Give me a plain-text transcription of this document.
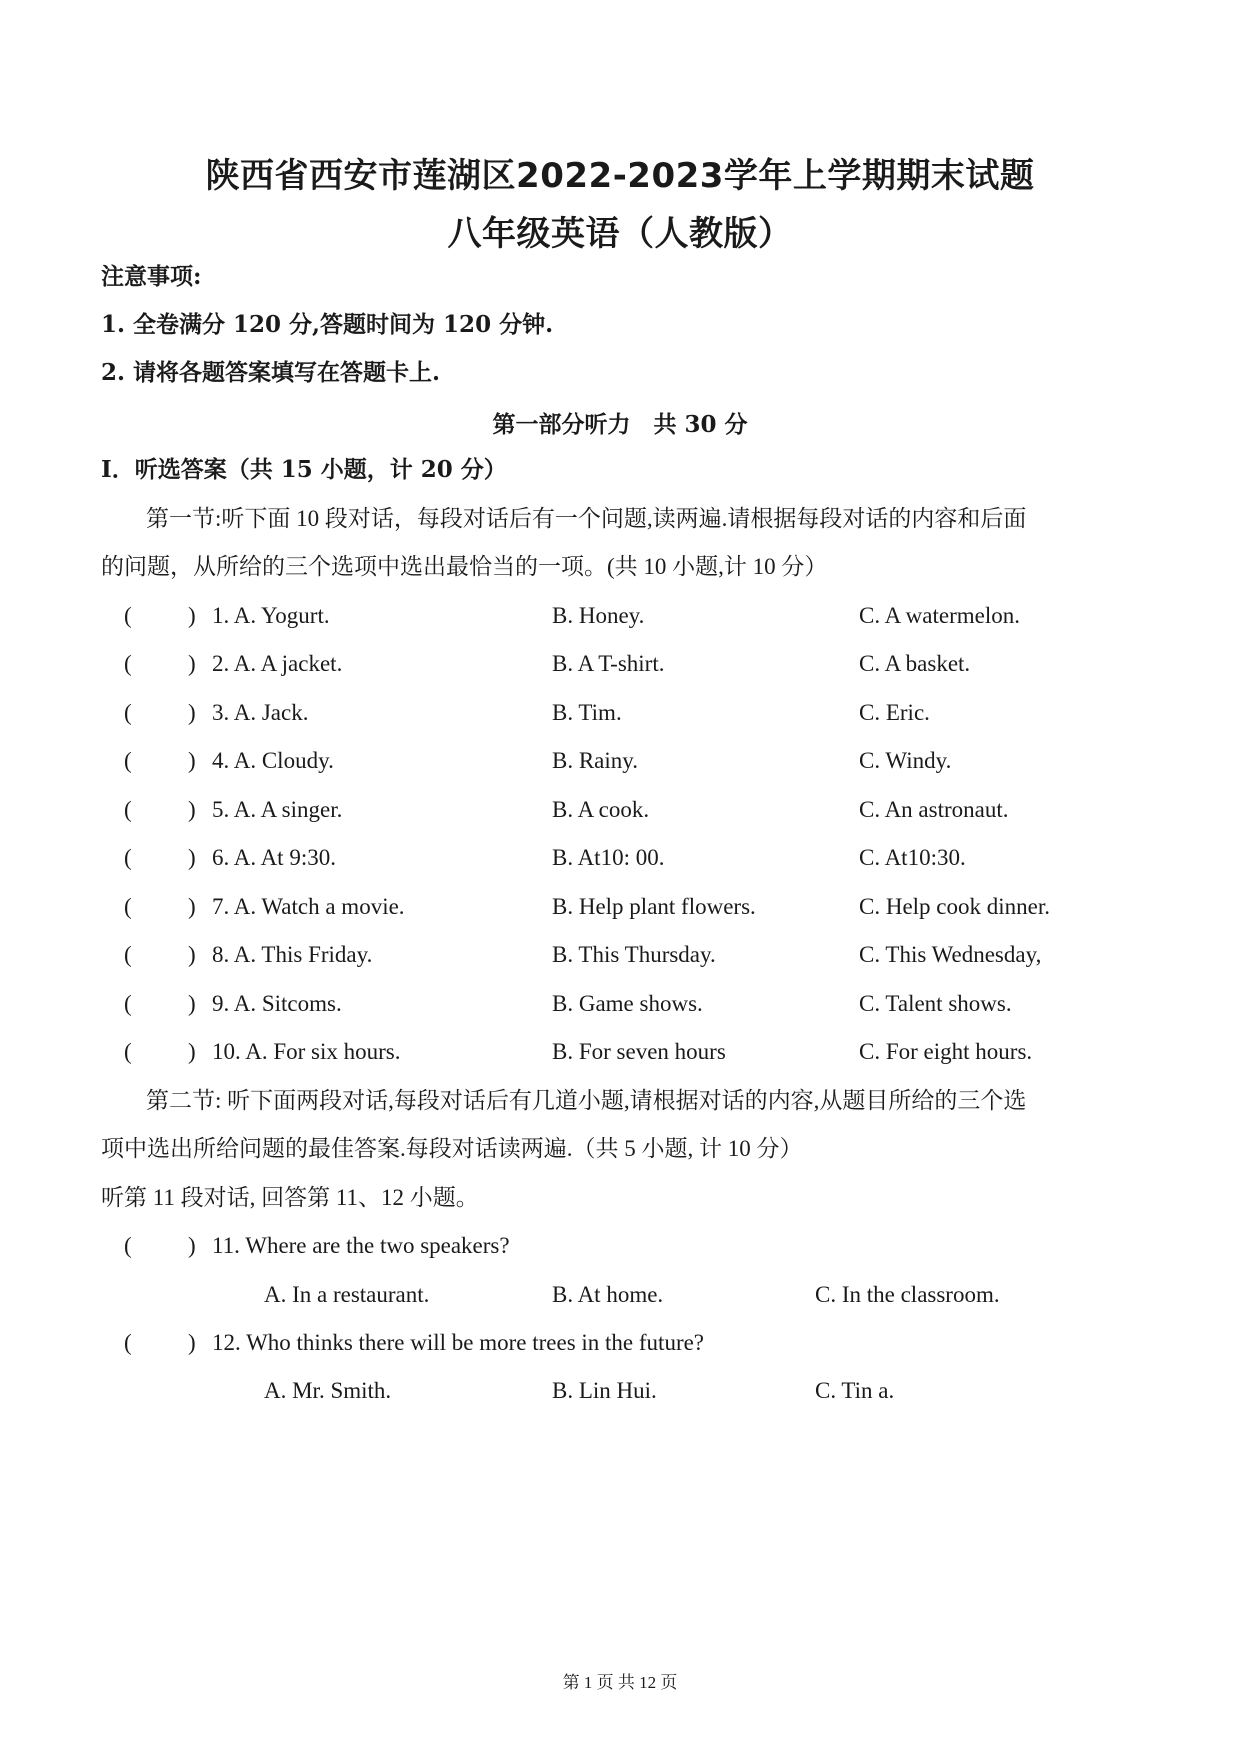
陕西省西安市莲湖区2022-2023学年上学期期末试题
八年级英语（人教版）
注意事项:
1. 全卷满分 120 分,答题时间为 120 分钟.
2. 请将各题答案填写在答题卡上.
第一部分听力　共 30 分
Ⅰ．听选答案（共 15 小题，计 20 分）
第一节:听下面 10 段对话，每段对话后有一个问题,读两遍.请根据每段对话的内容和后面
的问题，从所给的三个选项中选出最恰当的一项。(共 10 小题,计 10 分）
( ) 1. A. Yogurt.	B. Honey.	C. A watermelon.
( ) 2. A. A jacket.	B. A T-shirt.	C. A basket.
( ) 3. A. Jack.	B. Tim.	C. Eric.
( ) 4. A. Cloudy.	B. Rainy.	C. Windy.
( ) 5. A. A singer.	B. A cook.	C. An astronaut.
( ) 6. A. At 9:30.	B. At10: 00.	C. At10:30.
( ) 7. A. Watch a movie.	B. Help plant flowers.	C. Help cook dinner.
( ) 8. A. This Friday.	B. This Thursday.	C. This Wednesday,
( ) 9. A. Sitcoms.	B. Game shows.	C. Talent shows.
( ) 10. A. For six hours.	B. For seven hours	C. For eight hours.
第二节: 听下面两段对话,每段对话后有几道小题,请根据对话的内容,从题目所给的三个选
项中选出所给问题的最佳答案.每段对话读两遍.（共 5 小题, 计 10 分）
听第 11 段对话, 回答第 11、12 小题。
( ) 11. Where are the two speakers?
A. In a restaurant.	B. At home.	C. In the classroom.
( ) 12. Who thinks there will be more trees in the future?
A. Mr. Smith.	B. Lin Hui.	C. Tin a.
第 1 页 共 12 页
